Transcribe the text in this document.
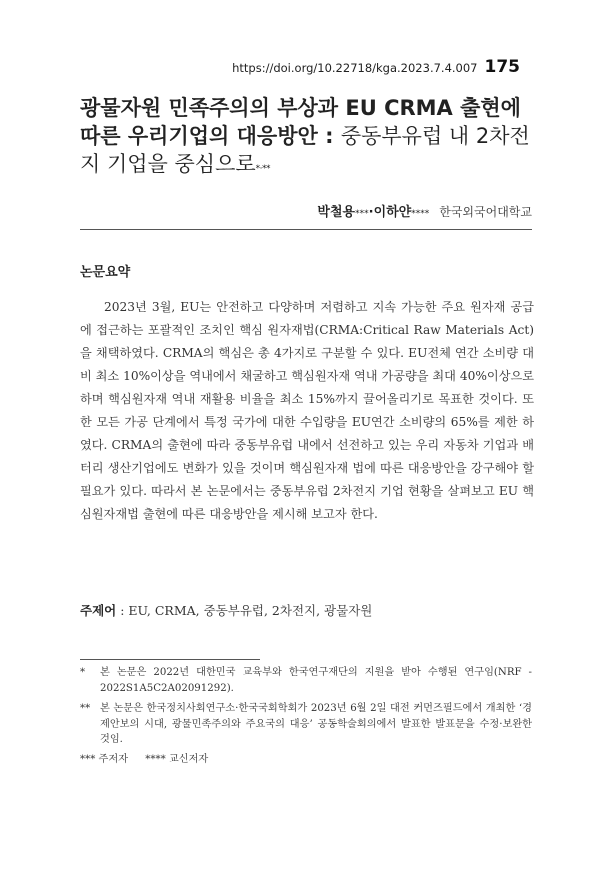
https://doi.org/10.22718/kga.2023.7.4.007 175
광물자원 민족주의의 부상과 EU CRMA 출현에 따른 우리기업의 대응방안 : 중동부유럽 내 2차전지 기업을 중심으로*·**
박철용***·이하얀**** 한국외국어대학교
논문요약

2023년 3월, EU는 안전하고 다양하며 저렴하고 지속 가능한 주요 원자재 공급에 접근하는 포괄적인 조치인 핵심 원자재법(CRMA:Critical Raw Materials Act)을 채택하였다. CRMA의 핵심은 총 4가지로 구분할 수 있다. EU전체 연간 소비량 대비 최소 10%이상을 역내에서 채굴하고 핵심원자재 역내 가공량을 최대 40%이상으로 하며 핵심원자재 역내 재활용 비율을 최소 15%까지 끌어올리기로 목표한 것이다. 또한 모든 가공 단계에서 특정 국가에 대한 수입량을 EU연간 소비량의 65%를 제한 하였다. CRMA의 출현에 따라 중동부유럽 내에서 선전하고 있는 우리 자동차 기업과 배터리 생산기업에도 변화가 있을 것이며 핵심원자재 법에 따른 대응방안을 강구해야 할 필요가 있다. 따라서 본 논문에서는 중동부유럽 2차전지 기업 현황을 살펴보고 EU 핵심원자재법 출현에 따른 대응방안을 제시해 보고자 한다.

주제어 : EU, CRMA, 중동부유럽, 2차전지, 광물자원
*	본 논문은 2022년 대한민국 교육부와 한국연구재단의 지원을 받아 수행된 연구임(NRF - 2022S1A5C2A02091292).
** 본 논문은 한국정치사회연구소·한국국회학회가 2023년 6월 2일 대전 커먼즈필드에서 개최한 ‘경제안보의 시대, 광물민족주의와 주요국의 대응’ 공동학술회의에서 발표한 발표문을 수정·보완한 것임.
*** 주저자 **** 교신저자
